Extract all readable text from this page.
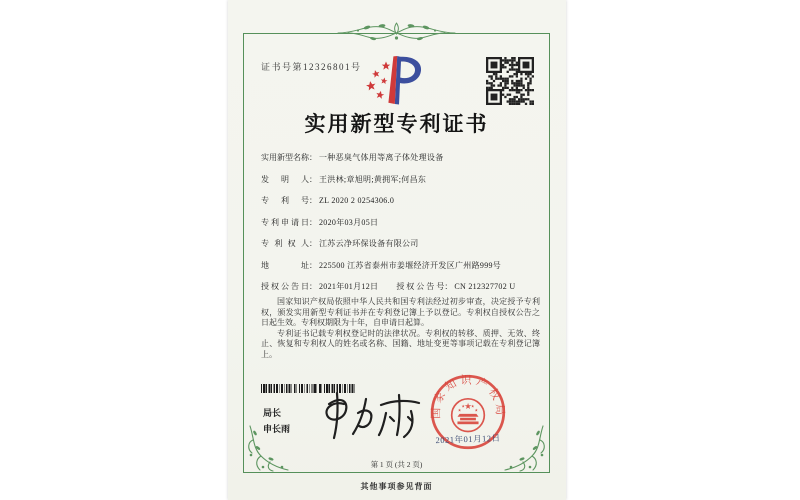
证书号第12326801号
实用新型专利证书
实用新型名称： 一种恶臭气体用等离子体处理设备
发明人： 王洪林;章旭明;黄拥军;何昌东
专利号： ZL 2020 2 0254306.0
专利申请日： 2020年03月05日
专利权人： 江苏云净环保设备有限公司
地址： 225500 江苏省泰州市姜堰经济开发区广州路999号
授权公告日： 2021年01月12日 授权公告号： CN 212327702 U

国家知识产权局依照中华人民共和国专利法经过初步审查，决定授予专利权，颁发实用新型专利证书并在专利登记簿上予以登记。专利权自授权公告之日起生效。专利权期限为十年，自申请日起算。

专利证书记载专利权登记时的法律状况。专利权的转移、质押、无效、终止、恢复和专利权人的姓名或名称、国籍、地址变更等事项记载在专利登记簿上。

局长
申长雨
国家知识产权局
★
★
★ ★
★
2021年01月12日
第 1 页 (共 2 页)
其他事项参见背面
